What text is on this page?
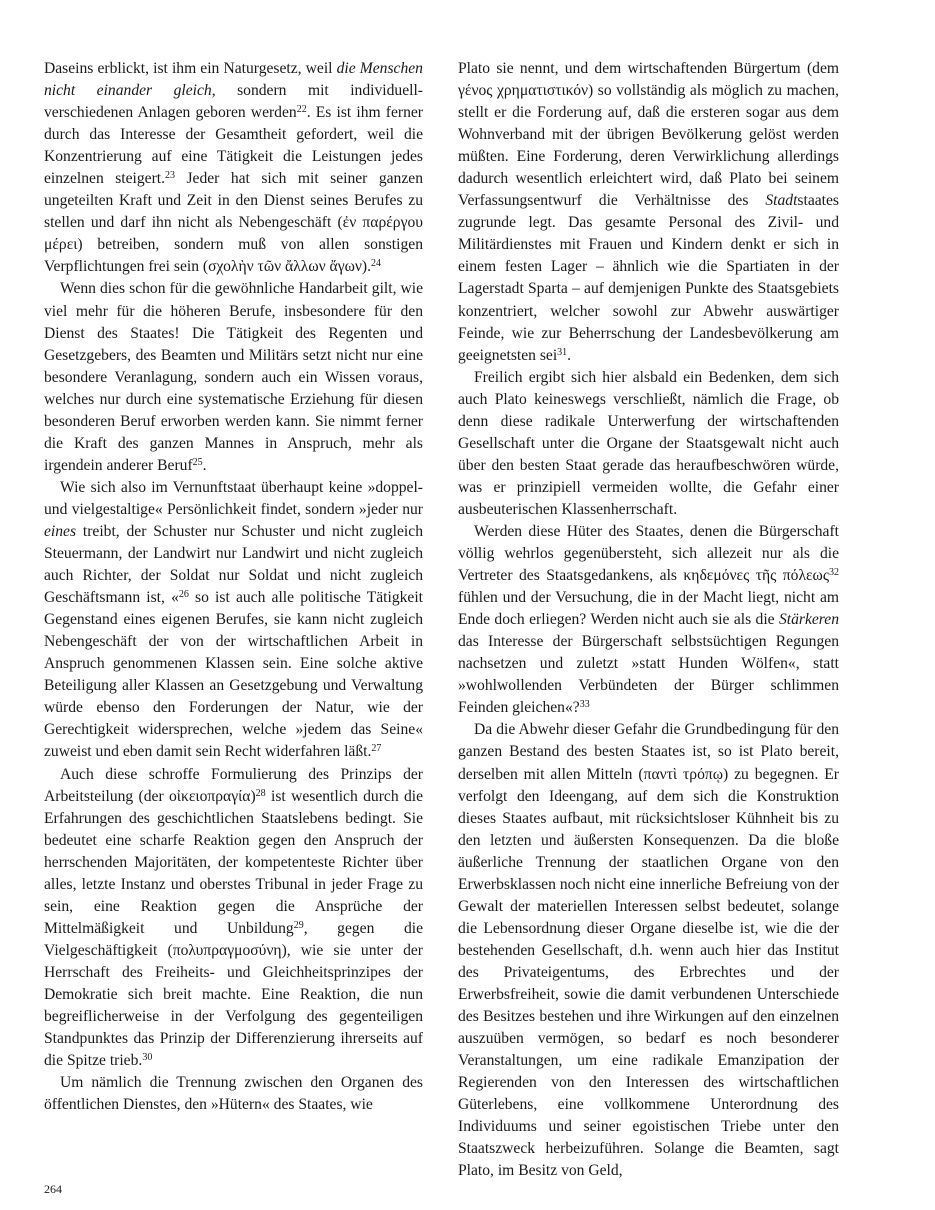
Daseins erblickt, ist ihm ein Naturgesetz, weil die Menschen nicht einander gleich, sondern mit individuell-verschiedenen Anlagen geboren werden$^{22}$. Es ist ihm ferner durch das Interesse der Gesamtheit gefordert, weil die Konzentrierung auf eine Tätigkeit die Leistungen jedes einzelnen steigert.$^{23}$ Jeder hat sich mit seiner ganzen ungeteilten Kraft und Zeit in den Dienst seines Berufes zu stellen und darf ihn nicht als Nebengeschäft (ἐν παρέργου μέρει) betreiben, sondern muß von allen sonstigen Verpflichtungen frei sein (σχολὴν τῶν ἄλλων ἄγων).$^{24}$

Wenn dies schon für die gewöhnliche Handarbeit gilt, wie viel mehr für die höheren Berufe, insbesondere für den Dienst des Staates! Die Tätigkeit des Regenten und Gesetzgebers, des Beamten und Militärs setzt nicht nur eine besondere Veranlagung, sondern auch ein Wissen voraus, welches nur durch eine systematische Erziehung für diesen besonderen Beruf erworben werden kann. Sie nimmt ferner die Kraft des ganzen Mannes in Anspruch, mehr als irgendein anderer Beruf$^{25}$.

Wie sich also im Vernunftstaat überhaupt keine »doppel- und vielgestaltige« Persönlichkeit findet, sondern »jeder nur eines treibt, der Schuster nur Schuster und nicht zugleich Steuermann, der Landwirt nur Landwirt und nicht zugleich auch Richter, der Soldat nur Soldat und nicht zugleich Geschäftsmann ist, «$^{26}$ so ist auch alle politische Tätigkeit Gegenstand eines eigenen Berufes, sie kann nicht zugleich Nebengeschäft der von der wirtschaftlichen Arbeit in Anspruch genommenen Klassen sein. Eine solche aktive Beteiligung aller Klassen an Gesetzgebung und Verwaltung würde ebenso den Forderungen der Natur, wie der Gerechtigkeit widersprechen, welche »jedem das Seine« zuweist und eben damit sein Recht widerfahren läßt.$^{27}$

Auch diese schroffe Formulierung des Prinzips der Arbeitsteilung (der οἰκειοπραγία)$^{28}$ ist wesentlich durch die Erfahrungen des geschichtlichen Staatslebens bedingt. Sie bedeutet eine scharfe Reaktion gegen den Anspruch der herrschenden Majoritäten, der kompetenteste Richter über alles, letzte Instanz und oberstes Tribunal in jeder Frage zu sein, eine Reaktion gegen die Ansprüche der Mittelmäßigkeit und Unbildung$^{29}$, gegen die Vielgeschäftigkeit (πολυπραγμοσύνη), wie sie unter der Herrschaft des Freiheits- und Gleichheitsprinzipes der Demokratie sich breit machte. Eine Reaktion, die nun begreiflicherweise in der Verfolgung des gegenteiligen Standpunktes das Prinzip der Differenzierung ihrerseits auf die Spitze trieb.$^{30}$

Um nämlich die Trennung zwischen den Organen des öffentlichen Dienstes, den »Hütern« des Staates, wie

Plato sie nennt, und dem wirtschaftenden Bürgertum (dem γένος χρηματιστικόν) so vollständig als möglich zu machen, stellt er die Forderung auf, daß die ersteren sogar aus dem Wohnverband mit der übrigen Bevölkerung gelöst werden müßten. Eine Forderung, deren Verwirklichung allerdings dadurch wesentlich erleichtert wird, daß Plato bei seinem Verfassungsentwurf die Verhältnisse des Stadtstaates zugrunde legt. Das gesamte Personal des Zivil- und Militärdienstes mit Frauen und Kindern denkt er sich in einem festen Lager – ähnlich wie die Spartiaten in der Lagerstadt Sparta – auf demjenigen Punkte des Staatsgebiets konzentriert, welcher sowohl zur Abwehr auswärtiger Feinde, wie zur Beherrschung der Landesbevölkerung am geeignetsten sei$^{31}$.

Freilich ergibt sich hier alsbald ein Bedenken, dem sich auch Plato keineswegs verschließt, nämlich die Frage, ob denn diese radikale Unterwerfung der wirtschaftenden Gesellschaft unter die Organe der Staatsgewalt nicht auch über den besten Staat gerade das heraufbeschwören würde, was er prinzipiell vermeiden wollte, die Gefahr einer ausbeuterischen Klassenherrschaft.

Werden diese Hüter des Staates, denen die Bürgerschaft völlig wehrlos gegenübersteht, sich allezeit nur als die Vertreter des Staatsgedankens, als κηδεμόνες τῆς πόλεως$^{32}$ fühlen und der Versuchung, die in der Macht liegt, nicht am Ende doch erliegen? Werden nicht auch sie als die Stärkeren das Interesse der Bürgerschaft selbstsüchtigen Regungen nachsetzen und zuletzt »statt Hunden Wölfen«, statt »wohlwollenden Verbündeten der Bürger schlimmen Feinden gleichen«?$^{33}$

Da die Abwehr dieser Gefahr die Grundbedingung für den ganzen Bestand des besten Staates ist, so ist Plato bereit, derselben mit allen Mitteln (παντὶ τρόπῳ) zu begegnen. Er verfolgt den Ideengang, auf dem sich die Konstruktion dieses Staates aufbaut, mit rücksichtsloser Kühnheit bis zu den letzten und äußersten Konsequenzen. Da die bloße äußerliche Trennung der staatlichen Organe von den Erwerbsklassen noch nicht eine innerliche Befreiung von der Gewalt der materiellen Interessen selbst bedeutet, solange die Lebensordnung dieser Organe dieselbe ist, wie die der bestehenden Gesellschaft, d.h. wenn auch hier das Institut des Privateigentums, des Erbrechtes und der Erwerbsfreiheit, sowie die damit verbundenen Unterschiede des Besitzes bestehen und ihre Wirkungen auf den einzelnen auszuüben vermögen, so bedarf es noch besonderer Veranstaltungen, um eine radikale Emanzipation der Regierenden von den Interessen des wirtschaftlichen Güterlebens, eine vollkommene Unterordnung des Individuums und seiner egoistischen Triebe unter den Staatszweck herbeizuführen. Solange die Beamten, sagt Plato, im Besitz von Geld,

264
